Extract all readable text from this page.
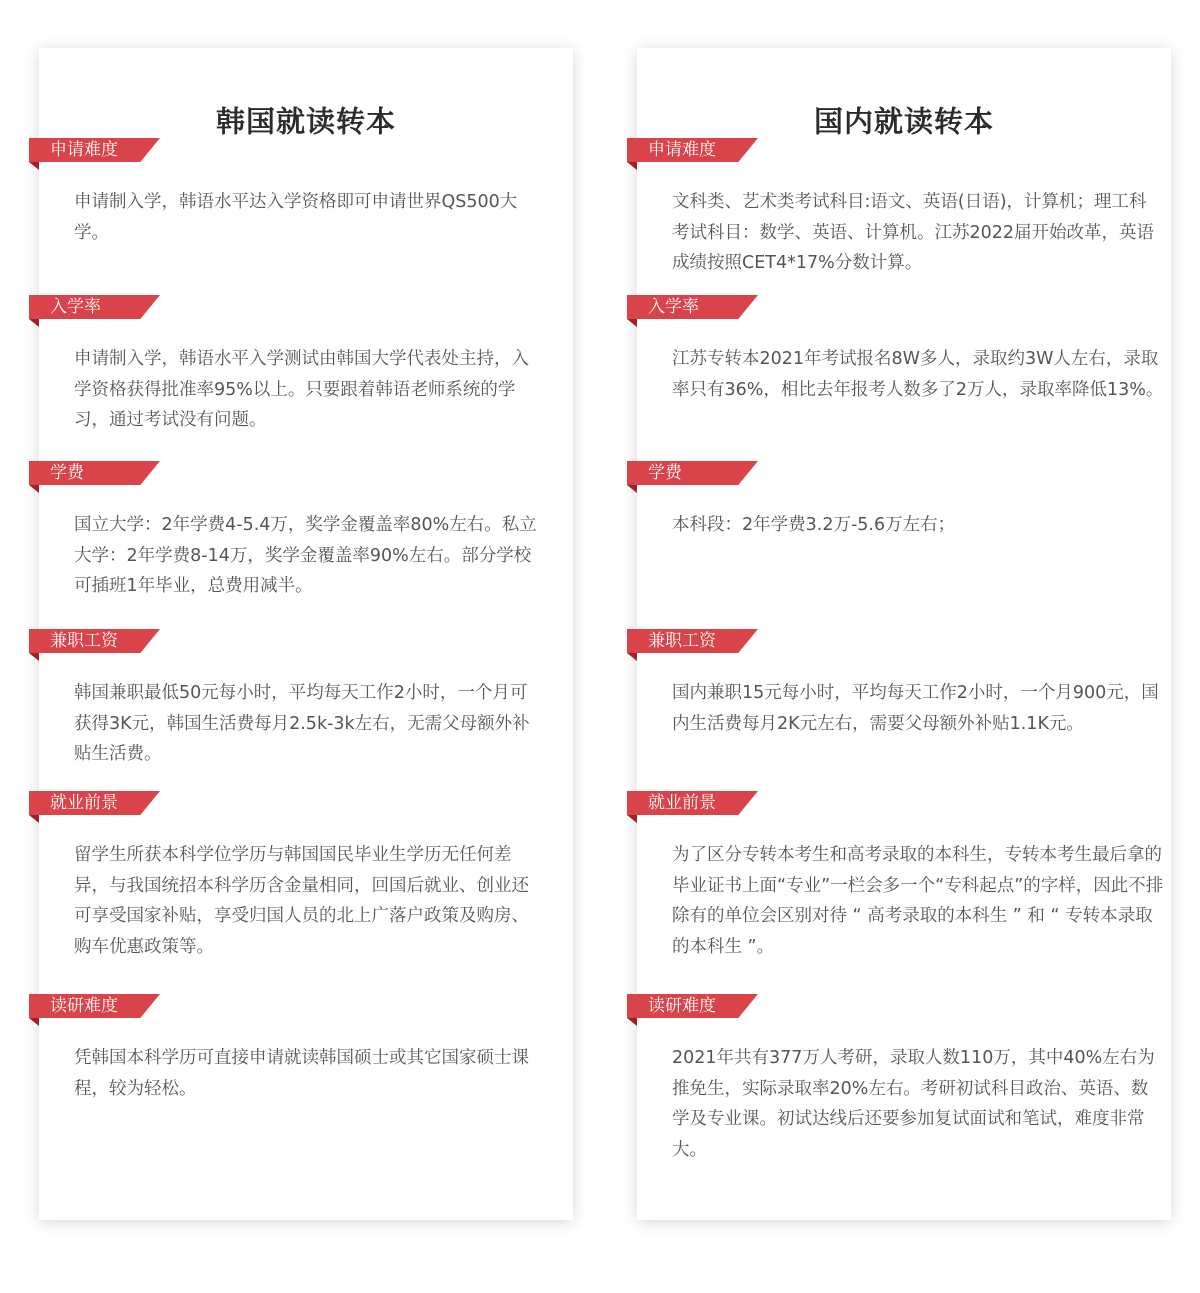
韩国就读转本
申请难度

申请制入学，韩语水平达入学资格即可申请世界QS500大学。

入学率

申请制入学，韩语水平入学测试由韩国大学代表处主持，入学资格获得批准率95%以上。只要跟着韩语老师系统的学习，通过考试没有问题。

学费

国立大学：2年学费4-5.4万，奖学金覆盖率80%左右。私立大学：2年学费8-14万，奖学金覆盖率90%左右。部分学校可插班1年毕业，总费用减半。

兼职工资

韩国兼职最低50元每小时，平均每天工作2小时，一个月可获得3K元，韩国生活费每月2.5k-3k左右，无需父母额外补贴生活费。

就业前景

留学生所获本科学位学历与韩国国民毕业生学历无任何差异，与我国统招本科学历含金量相同，回国后就业、创业还可享受国家补贴，享受归国人员的北上广落户政策及购房、购车优惠政策等。

读研难度

凭韩国本科学历可直接申请就读韩国硕士或其它国家硕士课程，较为轻松。

国内就读转本
申请难度

文科类、艺术类考试科目:语文、英语(日语)，计算机；理工科考试科目：数学、英语、计算机。江苏2022届开始改革，英语成绩按照CET4*17%分数计算。

入学率

江苏专转本2021年考试报名8W多人，录取约3W人左右，录取率只有36%，相比去年报考人数多了2万人，录取率降低13%。

学费

本科段：2年学费3.2万-5.6万左右；

兼职工资

国内兼职15元每小时，平均每天工作2小时，一个月900元，国内生活费每月2K元左右，需要父母额外补贴1.1K元。

就业前景

为了区分专转本考生和高考录取的本科生，专转本考生最后拿的毕业证书上面“专业”一栏会多一个“专科起点”的字样，因此不排除有的单位会区别对待 “ 高考录取的本科生 ” 和 “ 专转本录取的本科生 ”。

读研难度

2021年共有377万人考研，录取人数110万，其中40%左右为推免生，实际录取率20%左右。考研初试科目政治、英语、数学及专业课。初试达线后还要参加复试面试和笔试，难度非常大。
